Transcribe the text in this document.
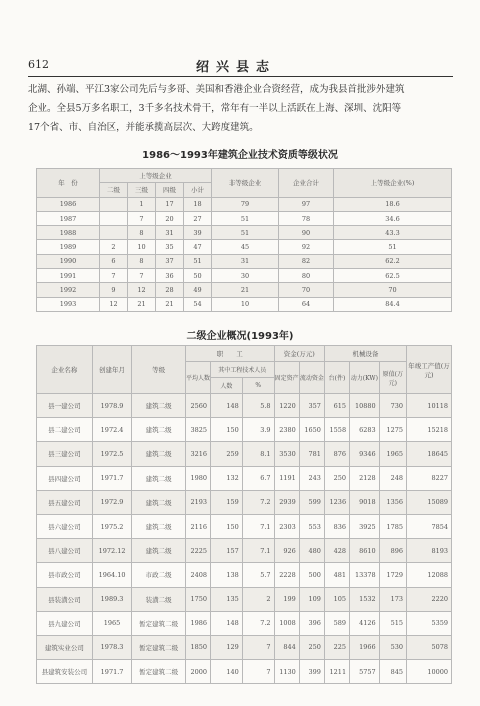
612	绍兴县志
北湖、孙端、平江3家公司先后与多哥、美国和香港企业合资经营，成为我县首批涉外建筑
企业。全县5万多名职工，3千多名技术骨干，常年有一半以上活跃在上海、深圳、沈阳等
17个省、市、自治区，并能承揽高层次、大跨度建筑。
1986～1993年建筑企业技术资质等级状况
年　份	上等级企业				非等级企业	企业合计	上等级企业(%)
	二级	三级	四级	小计			
1986		1	17	18	79	97	18.6
1987		7	20	27	51	78	34.6
1988		8	31	39	51	90	43.3
1989	2	10	35	47	45	92	51
1990	6	8	37	51	31	82	62.2
1991	7	7	36	50	30	80	62.5
1992	9	12	28	49	21	70	70
1993	12	21	21	54	10	64	84.4
二级企业概况(1993年)
企业名称	创建年月	等级	职　　工			资金(万元)		机械设备			年竣工产值(万元)
			平均人数	其中工程技术人员		固定资产	流动资金	台(件)	动力(KW)	原值(万元)	
				人数	%						
县一建公司	1978.9	建筑二级	2560	148	5.8	1220	357	615	10880	730	10118
县二建公司	1972.4	建筑二级	3825	150	3.9	2380	1650	1558	6283	1275	15218
县三建公司	1972.5	建筑二级	3216	259	8.1	3530	781	876	9346	1965	18645
县四建公司	1971.7	建筑二级	1980	132	6.7	1191	243	250	2128	248	8227
县五建公司	1972.9	建筑二级	2193	159	7.2	2939	599	1236	9018	1356	15089
县六建公司	1975.2	建筑二级	2116	150	7.1	2303	553	836	3925	1785	7854
县八建公司	1972.12	建筑二级	2225	157	7.1	926	480	428	8610	896	8193
县市政公司	1964.10	市政二级	2408	138	5.7	2228	500	481	13378	1729	12088
县装潢公司	1989.3	装潢二级	1750	135	2	199	109	105	1532	173	2220
县九建公司	1965	暂定建筑二级	1986	148	7.2	1008	396	589	4126	515	5359
建筑实业公司	1978.3	暂定建筑二级	1850	129	7	844	250	225	1966	530	5078
县建筑安装公司	1971.7	暂定建筑二级	2000	140	7	1130	399	1211	5757	845	10000
